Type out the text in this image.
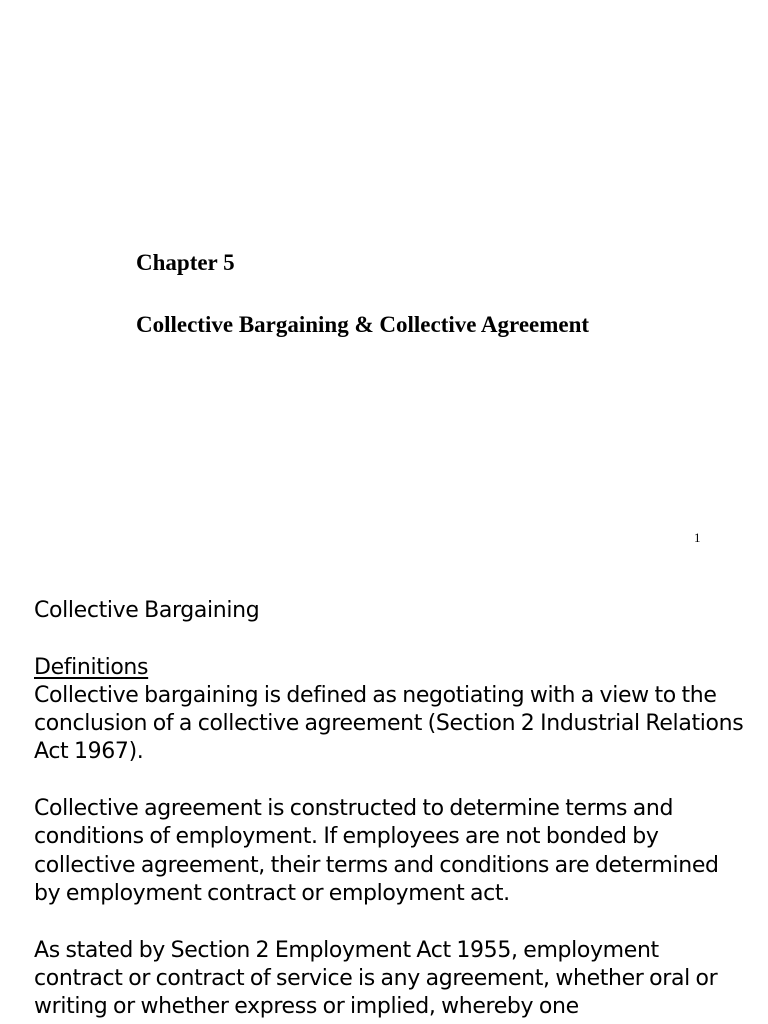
Chapter 5
Collective Bargaining & Collective Agreement
1

Collective Bargaining

Definitions

Collective bargaining is defined as negotiating with a view to the conclusion of a collective agreement (Section 2 Industrial Relations Act 1967).

Collective agreement is constructed to determine terms and conditions of employment. If employees are not bonded by collective agreement, their terms and conditions are determined by employment contract or employment act.

As stated by Section 2 Employment Act 1955, employment contract or contract of service is any agreement, whether oral or writing or whether express or implied, whereby one
